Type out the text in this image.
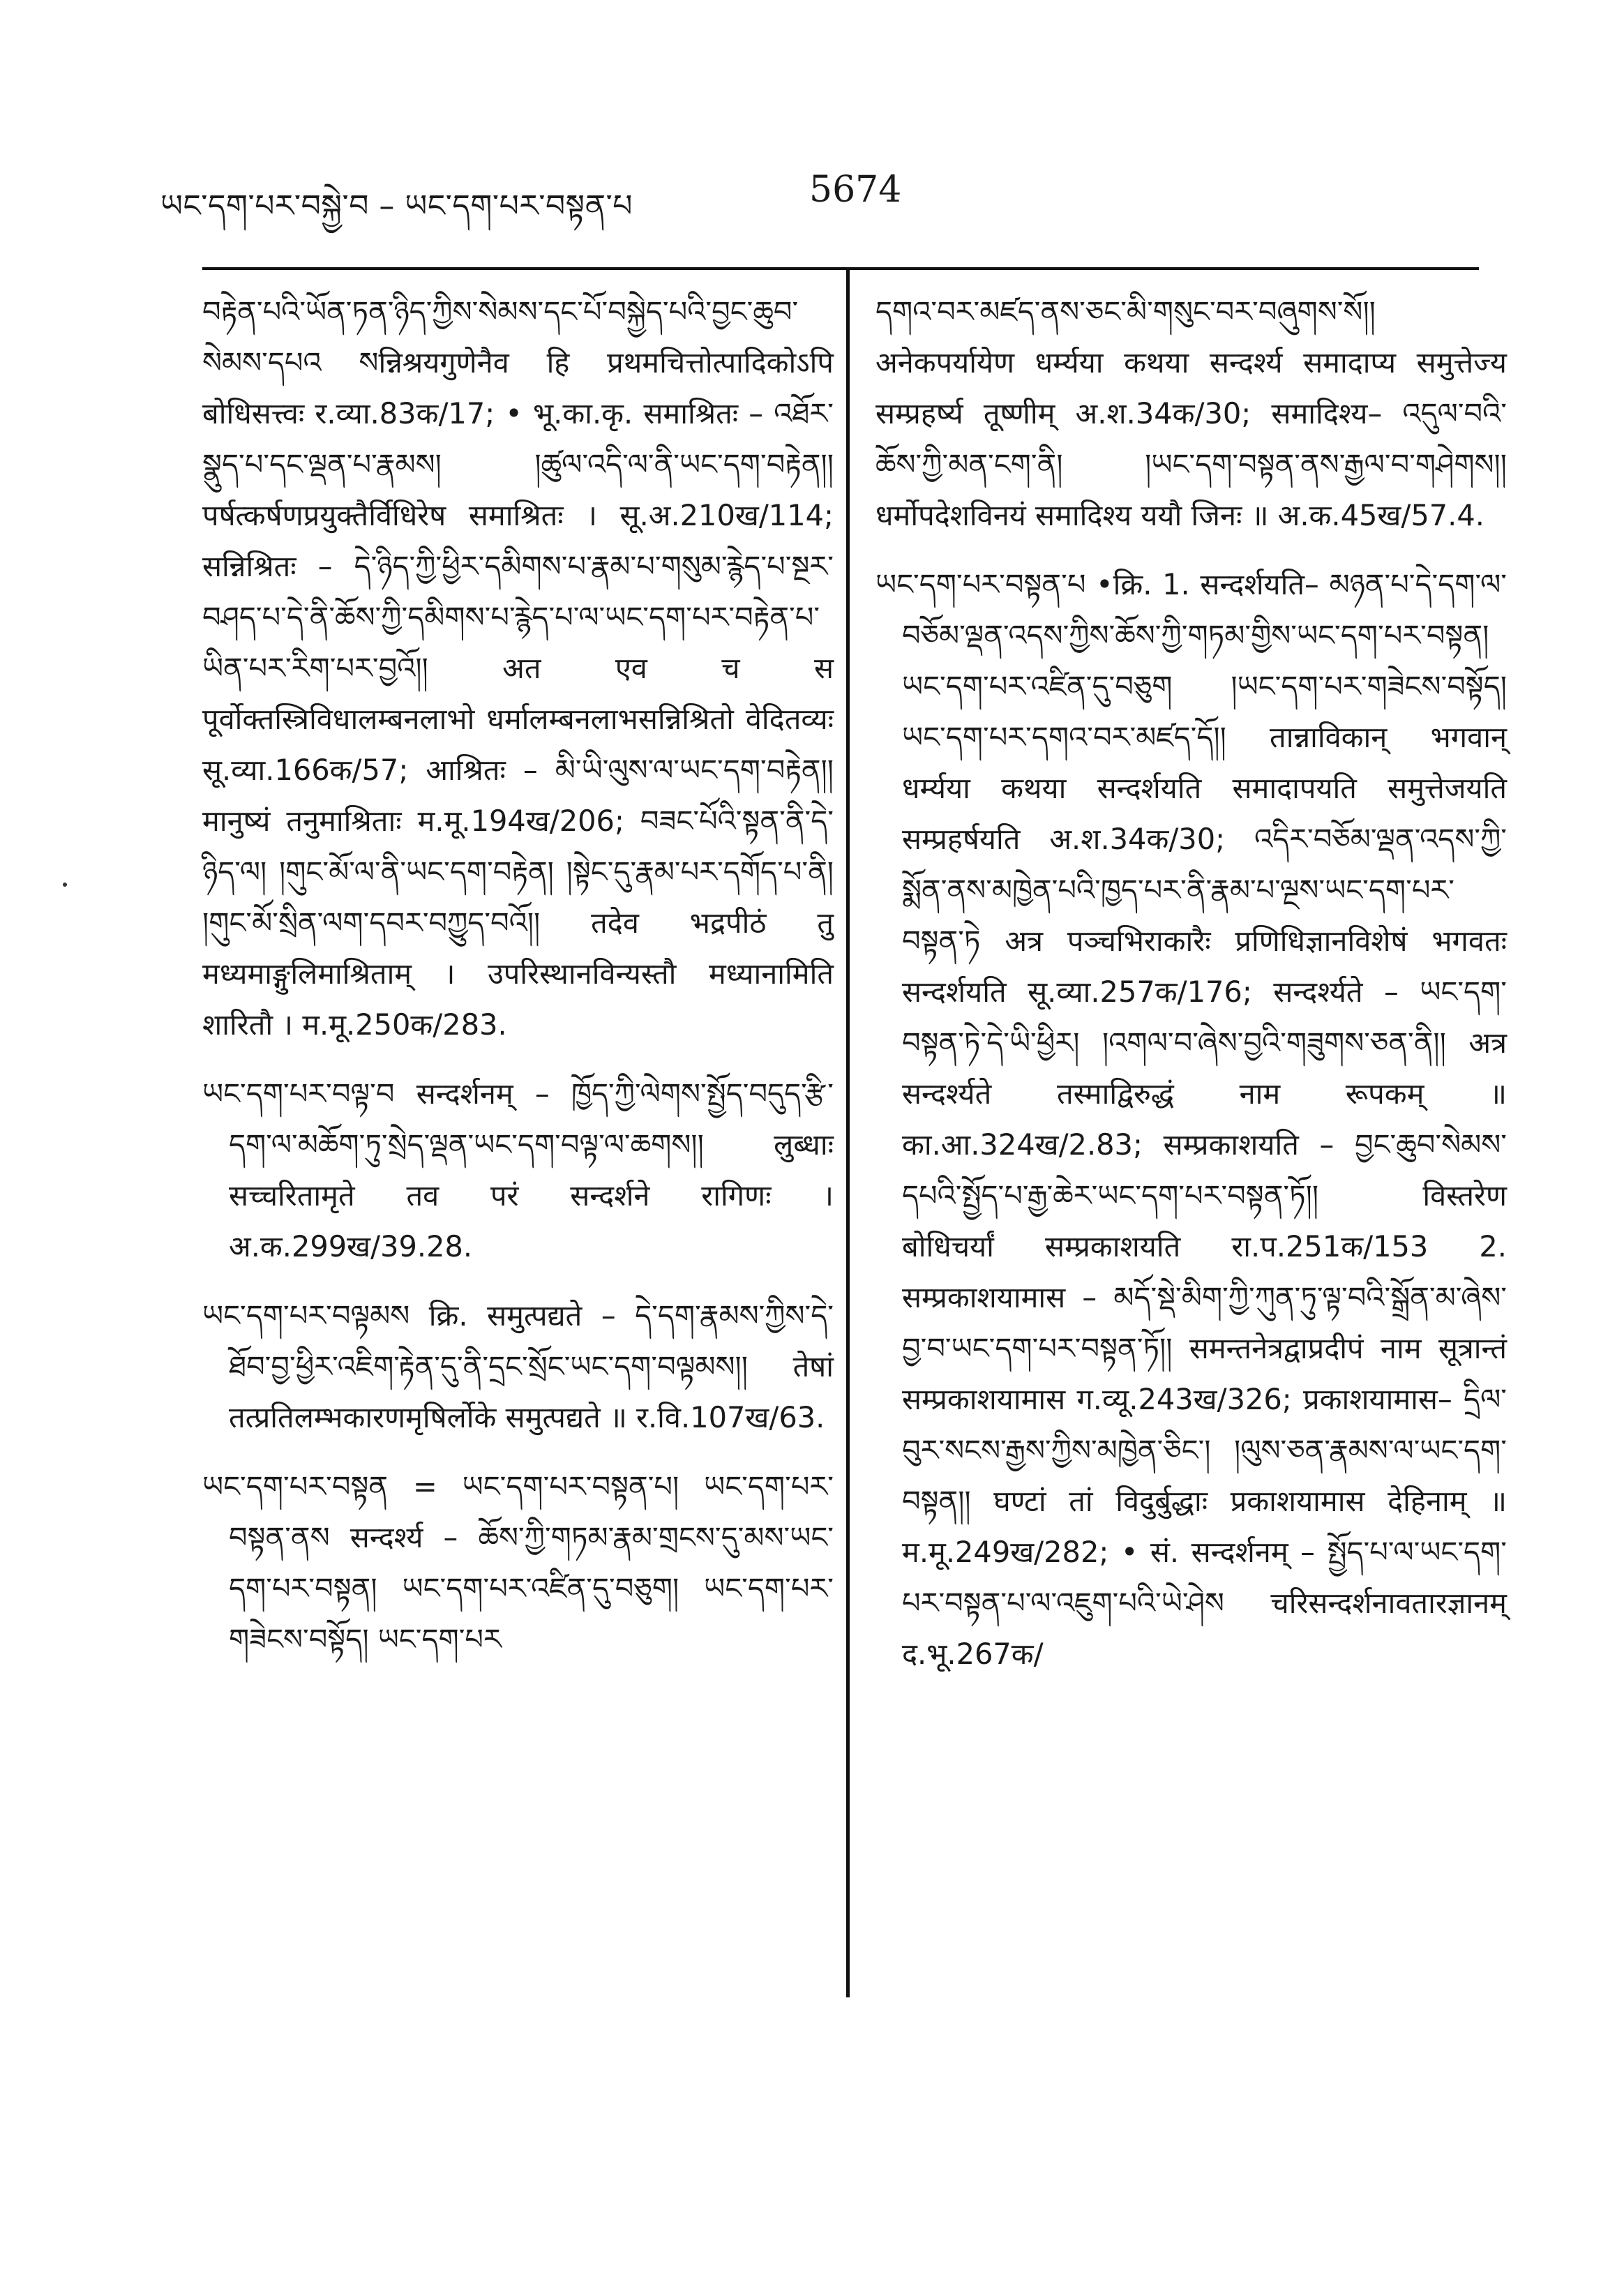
ཡང་དག་པར་བསྐྱེ་བ – ཡང་དག་པར་བསྟན་པ	5674

བརྟེན་པའི་ཡོན་ཏན་ཉིད་ཀྱིས་སེམས་དང་པོ་བསྐྱེད་པའི་བྱང་ཆུབ་སེམས་དཔའ སन्निश्रयगुणेनैव हि प्रथमचित्तोत्पादिकोऽपि बोधिसत्त्वः र.व्या.83क/17; • भू.का.कृ. समाश्रितः – འཐོར་སྣུད་པ་དང་ལྡན་པ་རྣམས། །ཚུལ་འདི་ལ་ནི་ཡང་དག་བརྟེན།། पर्षत्कर्षणप्रयुक्तैर्विधिरेष समाश्रितः । सू.अ.210ख/114; सन्निश्रितः – དེ་ཉིད་ཀྱི་ཕྱིར་དམིགས་པ་རྣམ་པ་གསུམ་རྙེད་པ་སྔར་བཤད་པ་དེ་ནི་ཆོས་ཀྱི་དམིགས་པ་རྙེད་པ་ལ་ཡང་དག་པར་བརྟེན་པ་ཡིན་པར་རིག་པར་བྱའོ།། अत एव च स पूर्वोक्तस्त्रिविधालम्बनलाभो धर्मालम्बनलाभसन्निश्रितो वेदितव्यः सू.व्या.166क/57; आश्रितः – མི་ཡི་ལུས་ལ་ཡང་དག་བརྟེན།། मानुष्यं तनुमाश्रिताः म.मू.194ख/206; བཟང་པོའི་སྟན་ནི་དེ་ཉིད་ལ། །གུང་མོ་ལ་ནི་ཡང་དག་བརྟེན། །སྟེང་དུ་རྣམ་པར་དགོད་པ་ནི། །གུང་མོ་སྲིན་ལག་དབར་བཀྱུད་བའོ།། तदेव भद्रपीठं तु मध्यमाङ्गुलिमाश्रिताम् । उपरिस्थानविन्यस्तौ मध्यानामिति शारितौ । म.मू.250क/283.

ཡང་དག་པར་བལྟ་བ सन्दर्शनम् – ཁྱོད་ཀྱི་ལེགས་སྤྱོད་བདུད་རྩི་དག་ལ་མཆོག་ཏུ་སྲེད་ལྡན་ཡང་དག་བལྟ་ལ་ཆགས།། लुब्धाः सच्चरितामृते तव परं सन्दर्शने रागिणः । अ.क.299ख/39.28.

ཡང་དག་པར་བལྟམས क्रि. समुत्पद्यते – དེ་དག་རྣམས་ཀྱིས་དེ་ཐོབ་བྱ་ཕྱིར་འཇིག་རྟེན་དུ་ནི་དྲང་སྲོང་ཡང་དག་བལྟམས།། तेषां तत्प्रतिलम्भकारणमृषिर्लोके समुत्पद्यते ॥ र.वि.107ख/63.

ཡང་དག་པར་བསྟན = ཡང་དག་པར་བསྟན་པ། ཡང་དག་པར་བསྟན་ནས सन्दर्श्य – ཆོས་ཀྱི་གཏམ་རྣམ་གྲངས་དུ་མས་ཡང་དག་པར་བསྟན། ཡང་དག་པར་འཛིན་དུ་བཅུག། ཡང་དག་པར་གཟེངས་བསྟོད། ཡང་དག་པར

དགའ་བར་མཛད་ནས་ཅང་མི་གསུང་བར་བཞུགས་སོ།། अनेकपर्यायेण धर्म्यया कथया सन्दर्श्य समादाप्य समुत्तेज्य सम्प्रहर्ष्य तूष्णीम् अ.श.34क/30; समादिश्य– འདུལ་བའི་ཆོས་ཀྱི་མན་ངག་ནི། །ཡང་དག་བསྟན་ནས་རྒྱལ་བ་གཤེགས།། धर्मोपदेशविनयं समादिश्य ययौ जिनः ॥ अ.क.45ख/57.4.

ཡང་དག་པར་བསྟན་པ •क्रि. 1. सन्दर्शयति– མཉན་པ་དེ་དག་ལ་བཅོམ་ལྡན་འདས་ཀྱིས་ཆོས་ཀྱི་གཏམ་གྱིས་ཡང་དག་པར་བསྟན། ཡང་དག་པར་འཛིན་དུ་བཅུག །ཡང་དག་པར་གཟེངས་བསྟོད། ཡང་དག་པར་དགའ་བར་མཛད་དོ།། तान्नाविकान् भगवान् धर्म्यया कथया सन्दर्शयति समादापयति समुत्तेजयति सम्प्रहर्षयति अ.श.34क/30; འདིར་བཅོམ་ལྡན་འདས་ཀྱི་སྨོན་ནས་མཁྱེན་པའི་ཁྱད་པར་ནི་རྣམ་པ་ལྔས་ཡང་དག་པར་བསྟན་ཏེ अत्र पञ्चभिराकारैः प्रणिधिज्ञानविशेषं भगवतः सन्दर्शयति सू.व्या.257क/176; सन्दर्श्यते – ཡང་དག་བསྟན་ཏེ་དེ་ཡི་ཕྱིར། །འགལ་བ་ཞེས་བྱའི་གཟུགས་ཅན་ནི།། अत्र सन्दर्श्यते तस्माद्विरुद्धं नाम रूपकम् ॥ का.आ.324ख/2.83; सम्प्रकाशयति – བྱང་ཆུབ་སེམས་དཔའི་སྤྱོད་པ་རྒྱ་ཆེར་ཡང་དག་པར་བསྟན་ཏོ།། विस्तरेण बोधिचर्यां सम्प्रकाशयति रा.प.251क/153 2. सम्प्रकाशयामास – མདོ་སྡེ་མིག་ཀྱི་ཀུན་ཏུ་ལྟ་བའི་སྒྲོན་མ་ཞེས་བྱ་བ་ཡང་དག་པར་བསྟན་ཏོ།། समन्तनेत्रद्वाप्रदीपं नाम सूत्रान्तं सम्प्रकाशयामास ग.व्यू.243ख/326; प्रकाशयामास– དྲིལ་བུར་སངས་རྒྱས་ཀྱིས་མཁྱེན་ཅིང་། །ལུས་ཅན་རྣམས་ལ་ཡང་དག་བསྟན།། घण्टां तां विदुर्बुद्धाः प्रकाशयामास देहिनाम् ॥ म.मू.249ख/282; • सं. सन्दर्शनम् – སྤྱོད་པ་ལ་ཡང་དག་པར་བསྟན་པ་ལ་འཇུག་པའི་ཡེ་ཤེས चरिसन्दर्शनावतारज्ञानम् द.भू.267क/
